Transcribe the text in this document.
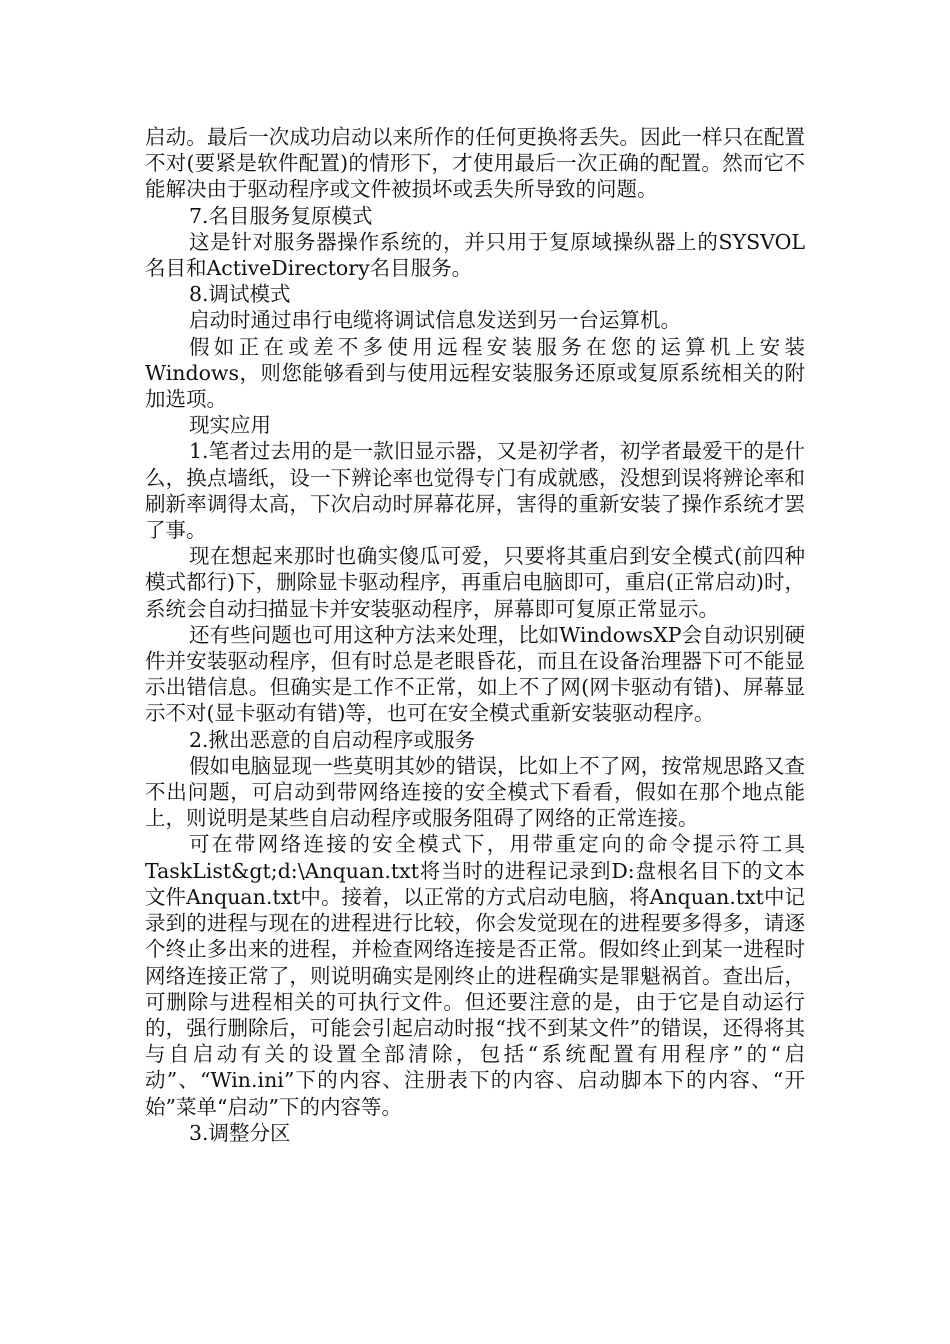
启动。最后一次成功启动以来所作的任何更换将丢失。因此一样只在配置不对(要紧是软件配置)的情形下，才使用最后一次正确的配置。然而它不能解决由于驱动程序或文件被损坏或丢失所导致的问题。

7.名目服务复原模式

这是针对服务器操作系统的，并只用于复原域操纵器上的SYSVOL名目和ActiveDirectory名目服务。

8.调试模式

启动时通过串行电缆将调试信息发送到另一台运算机。

假如正在或差不多使用远程安装服务在您的运算机上安装Windows，则您能够看到与使用远程安装服务还原或复原系统相关的附加选项。

现实应用

1.笔者过去用的是一款旧显示器，又是初学者，初学者最爱干的是什么，换点墙纸，设一下辨论率也觉得专门有成就感，没想到误将辨论率和刷新率调得太高，下次启动时屏幕花屏，害得的重新安装了操作系统才罢了事。

现在想起来那时也确实傻瓜可爱，只要将其重启到安全模式(前四种模式都行)下，删除显卡驱动程序，再重启电脑即可，重启(正常启动)时，系统会自动扫描显卡并安装驱动程序，屏幕即可复原正常显示。

还有些问题也可用这种方法来处理，比如WindowsXP会自动识别硬件并安装驱动程序，但有时总是老眼昏花，而且在设备治理器下可不能显示出错信息。但确实是工作不正常，如上不了网(网卡驱动有错)、屏幕显示不对(显卡驱动有错)等，也可在安全模式重新安装驱动程序。

2.揪出恶意的自启动程序或服务

假如电脑显现一些莫明其妙的错误，比如上不了网，按常规思路又查不出问题，可启动到带网络连接的安全模式下看看，假如在那个地点能上，则说明是某些自启动程序或服务阻碍了网络的正常连接。

可在带网络连接的安全模式下，用带重定向的命令提示符工具TaskList&gt;d:\Anquan.txt将当时的进程记录到D:盘根名目下的文本文件Anquan.txt中。接着，以正常的方式启动电脑，将Anquan.txt中记录到的进程与现在的进程进行比较，你会发觉现在的进程要多得多，请逐个终止多出来的进程，并检查网络连接是否正常。假如终止到某一进程时网络连接正常了，则说明确实是刚终止的进程确实是罪魁祸首。查出后，可删除与进程相关的可执行文件。但还要注意的是，由于它是自动运行的，强行删除后，可能会引起启动时报“找不到某文件”的错误，还得将其与自启动有关的设置全部清除，包括“系统配置有用程序”的“启动”、“Win.ini”下的内容、注册表下的内容、启动脚本下的内容、“开始”菜单“启动”下的内容等。

3.调整分区
